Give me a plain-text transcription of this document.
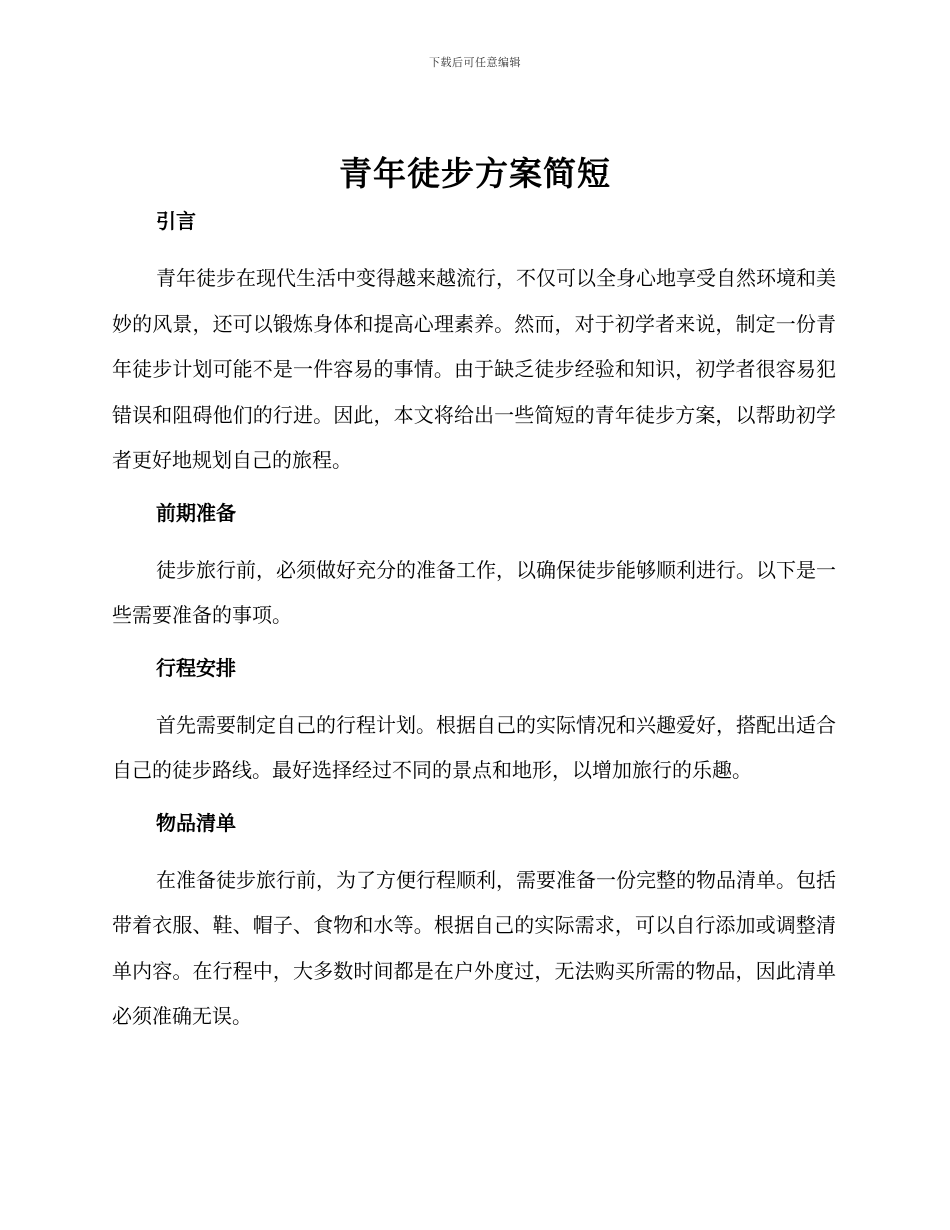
下载后可任意编辑
青年徒步方案简短
引言

青年徒步在现代生活中变得越来越流行，不仅可以全身心地享受自然环境和美妙的风景，还可以锻炼身体和提高心理素养。然而，对于初学者来说，制定一份青年徒步计划可能不是一件容易的事情。由于缺乏徒步经验和知识，初学者很容易犯错误和阻碍他们的行进。因此，本文将给出一些简短的青年徒步方案，以帮助初学者更好地规划自己的旅程。

前期准备

徒步旅行前，必须做好充分的准备工作，以确保徒步能够顺利进行。以下是一些需要准备的事项。

行程安排

首先需要制定自己的行程计划。根据自己的实际情况和兴趣爱好，搭配出适合自己的徒步路线。最好选择经过不同的景点和地形，以增加旅行的乐趣。

物品清单

在准备徒步旅行前，为了方便行程顺利，需要准备一份完整的物品清单。包括带着衣服、鞋、帽子、食物和水等。根据自己的实际需求，可以自行添加或调整清单内容。在行程中，大多数时间都是在户外度过，无法购买所需的物品，因此清单必须准确无误。
